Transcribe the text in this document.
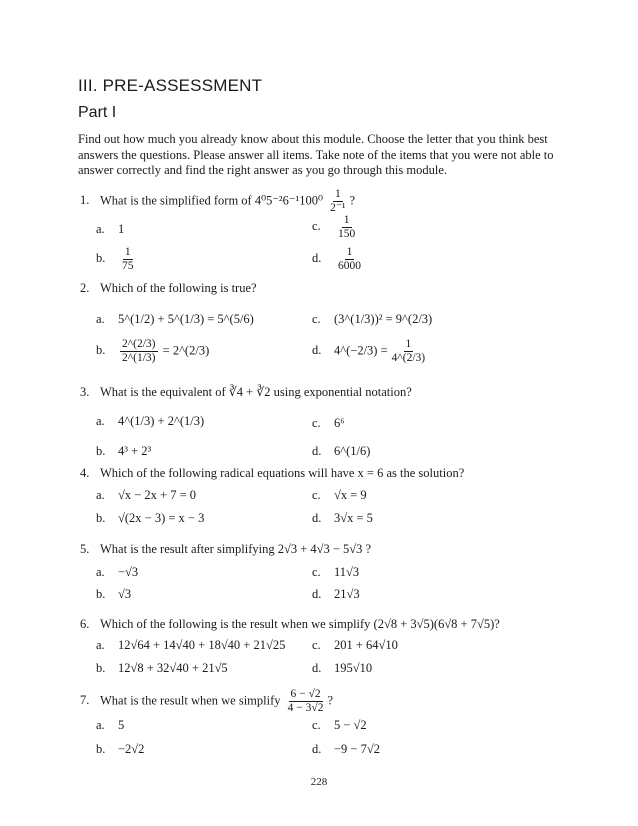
III. PRE-ASSESSMENT
Part I
Find out how much you already know about this module. Choose the letter that you think best answers the questions. Please answer all items. Take note of the items that you were not able to answer correctly and find the right answer as you go through this module.
1. What is the simplified form of $4^05^{-2}6^{-1}100^0 \frac{1}{\text{2⁻¹}}$ ?
a. 1	c. $\frac{1}{150}$
b. $\frac{1}{75}$	d. $\frac{1}{6000}$
2. Which of the following is true?
a. 5^(1/2) + 5^(1/3) = 5^(5/6)	c. (3^(1/3))² = 9^(2/3)
b. $\frac{2\^{}(2/3)}{2\^{}(1/3)}$ = 2^(2/3)	d. 4^(−2/3) = $\frac{1}{4\^{}(2/3)}$
3. What is the equivalent of ∛4 + ∛2 using exponential notation?
a. 4^(1/3) + 2^(1/3)	c. 6⁶
b. 4³ + 2³	d. 6^(1/6)
4. Which of the following radical equations will have x = 6 as the solution?
a. √x − 2x + 7 = 0	c. √x = 9
b. √(2x − 3) = x − 3	d. 3√x = 5
5. What is the result after simplifying 2√3 + 4√3 − 5√3 ?
a. −√3	c. 11√3
b. √3	d. 21√3
6. Which of the following is the result when we simplify (2√8 + 3√5)(6√8 + 7√5)?
a. 12√64 + 14√40 + 18√40 + 21√25 c. 201 + 64√10
b. 12√8 + 32√40 + 21√5	d. 195√10
7. What is the result when we simplify $\frac{6 - √2}{4 - 3√2}$ ?
a. 5	c. 5 − √2
b. −2√2	d. −9 − 7√2
228
